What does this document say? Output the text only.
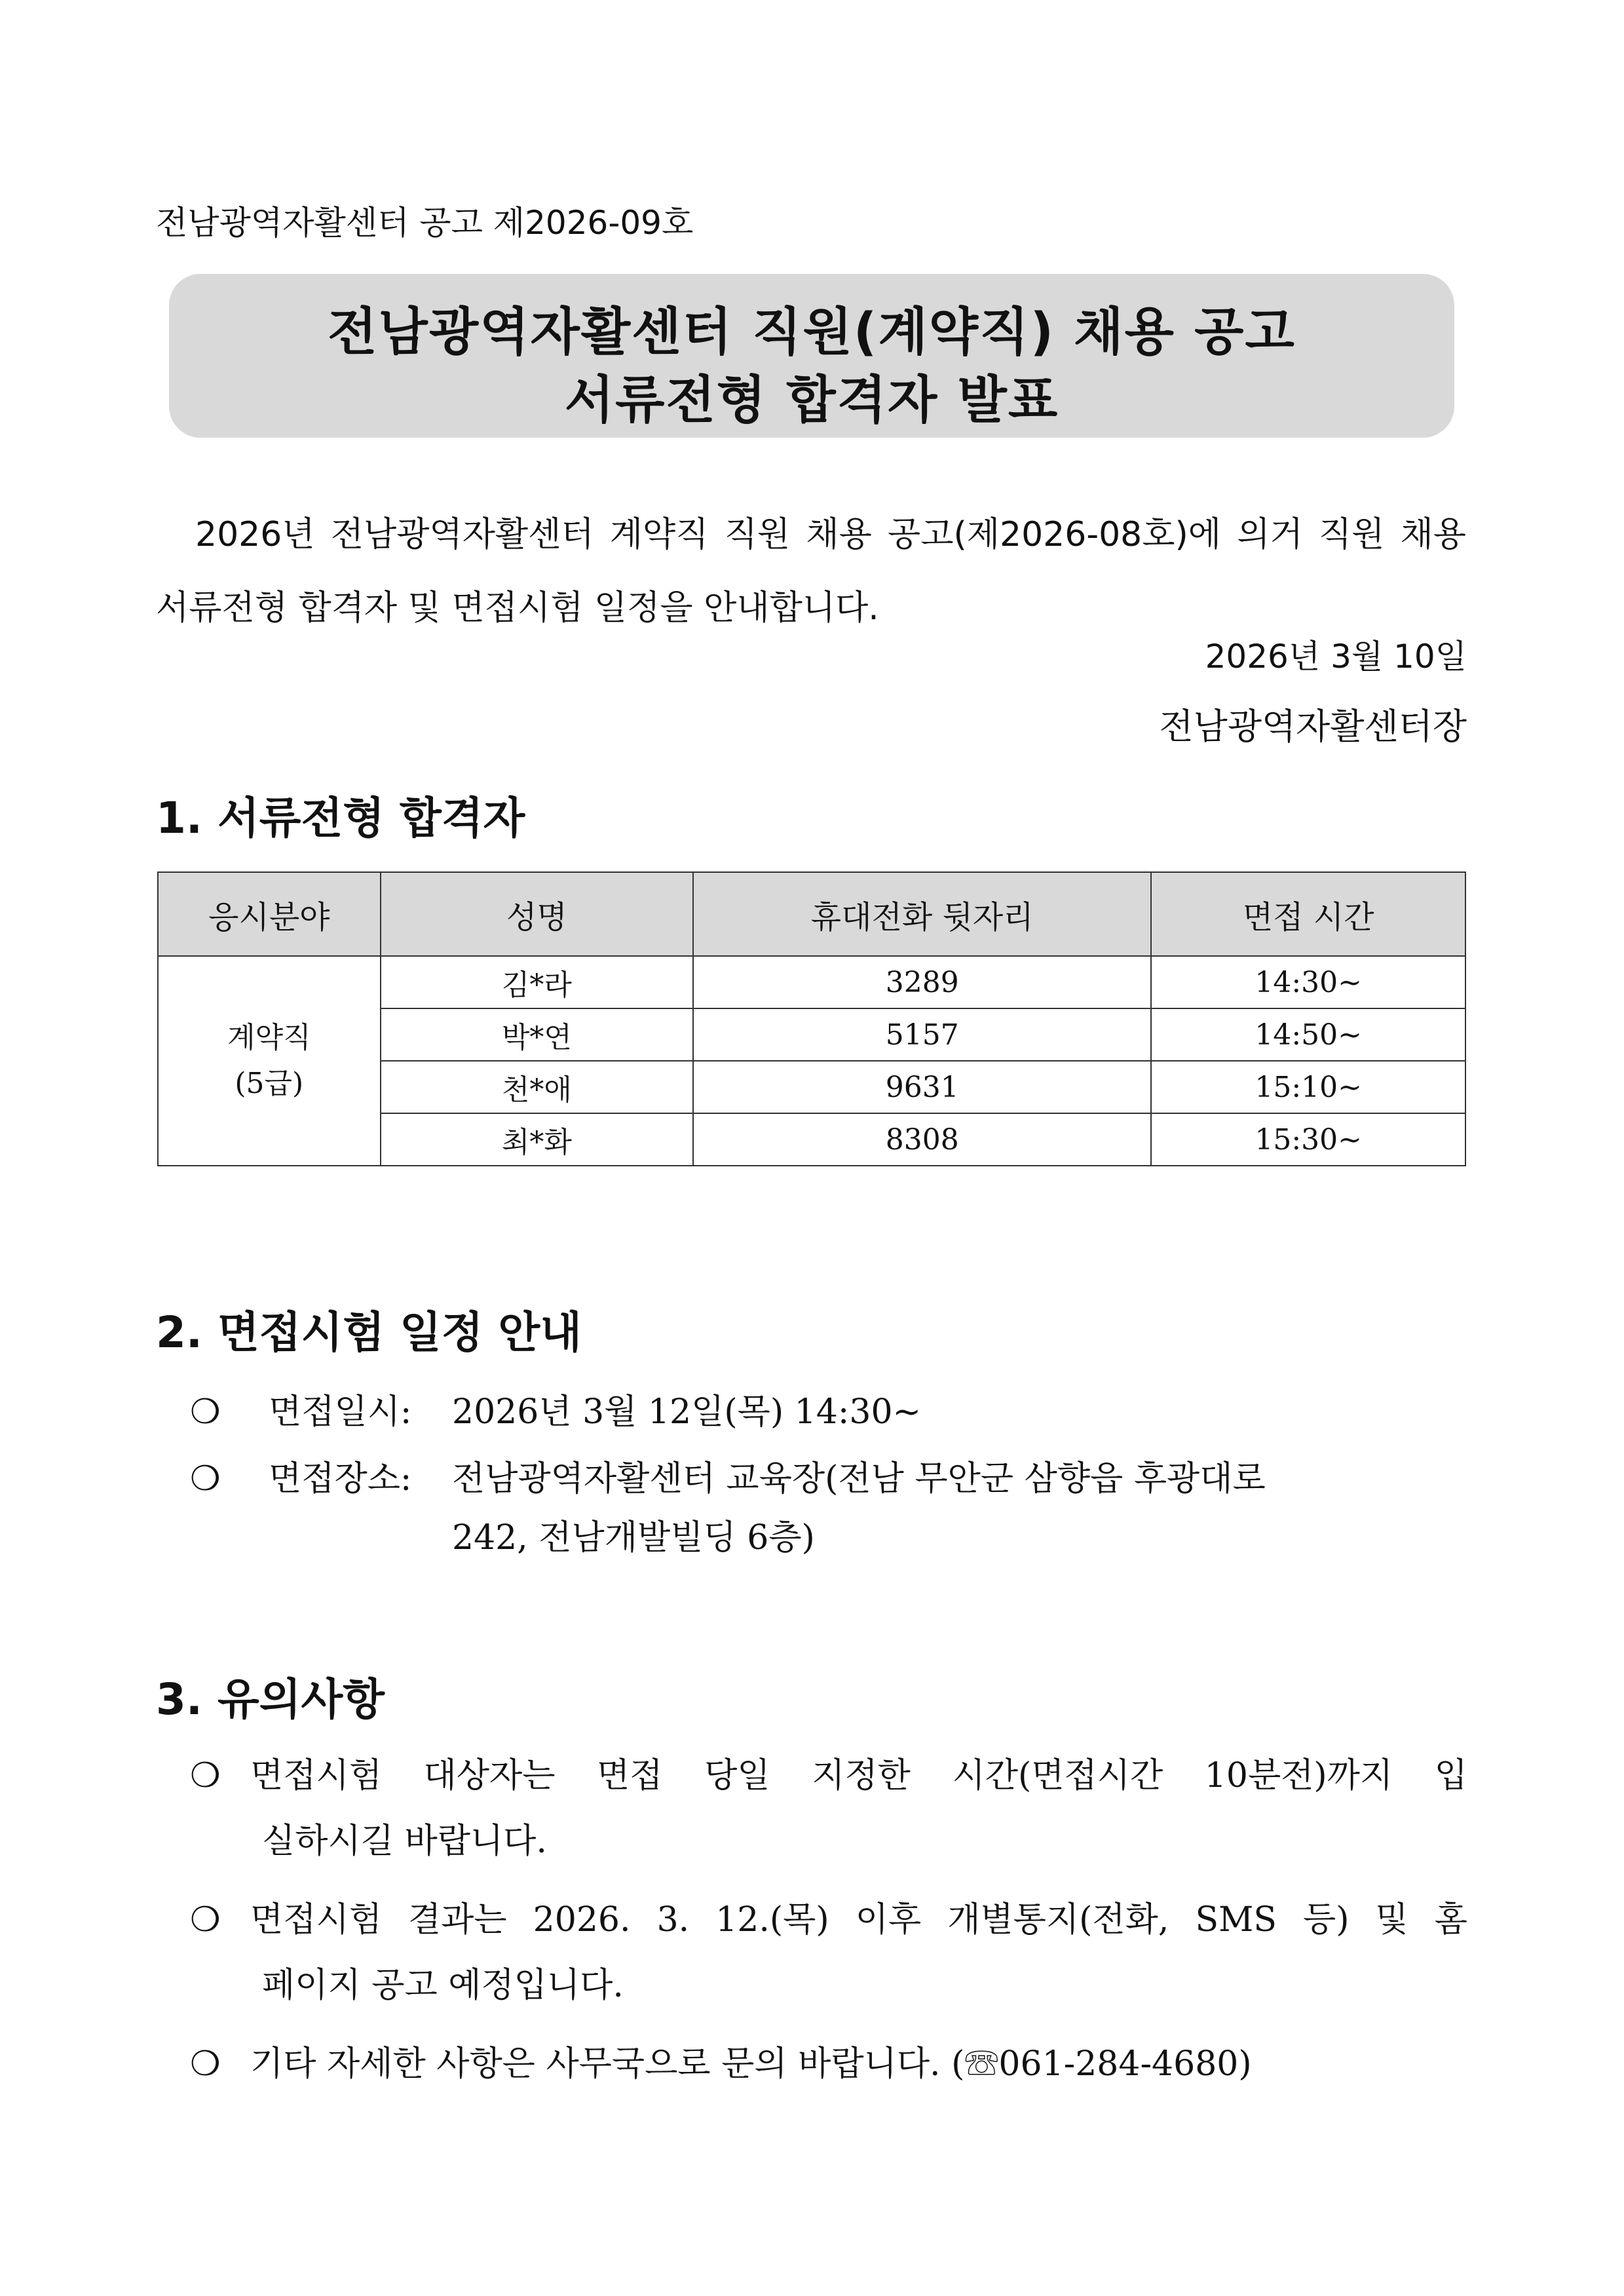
전남광역자활센터 공고 제2026-09호
전남광역자활센터 직원(계약직) 채용 공고
서류전형 합격자 발표
2026년 전남광역자활센터 계약직 직원 채용 공고(제2026-08호)에 의거 직원 채용 서류전형 합격자 및 면접시험 일정을 안내합니다.
2026년 3월 10일
전남광역자활센터장
1. 서류전형 합격자
응시분야	성명	휴대전화 뒷자리	면접 시간

계약직
(5급)	김*라	3289	14:30~
	박*연	5157	14:50~
	천*애	9631	15:10~
	최*화	8308	15:30~
2. 면접시험 일정 안내
❍ 면접일시: 2026년 3월 12일(목) 14:30~
❍ 면접장소: 전남광역자활센터 교육장(전남 무안군 삼향읍 후광대로
242, 전남개발빌딩 6층)
3. 유의사항
❍ 면접시험 대상자는 면접 당일 지정한 시간(면접시간 10분전)까지 입
실하시길 바랍니다.
❍ 면접시험 결과는 2026. 3. 12.(목) 이후 개별통지(전화, SMS 등) 및 홈
페이지 공고 예정입니다.
❍ 기타 자세한 사항은 사무국으로 문의 바랍니다. (☏061-284-4680)
